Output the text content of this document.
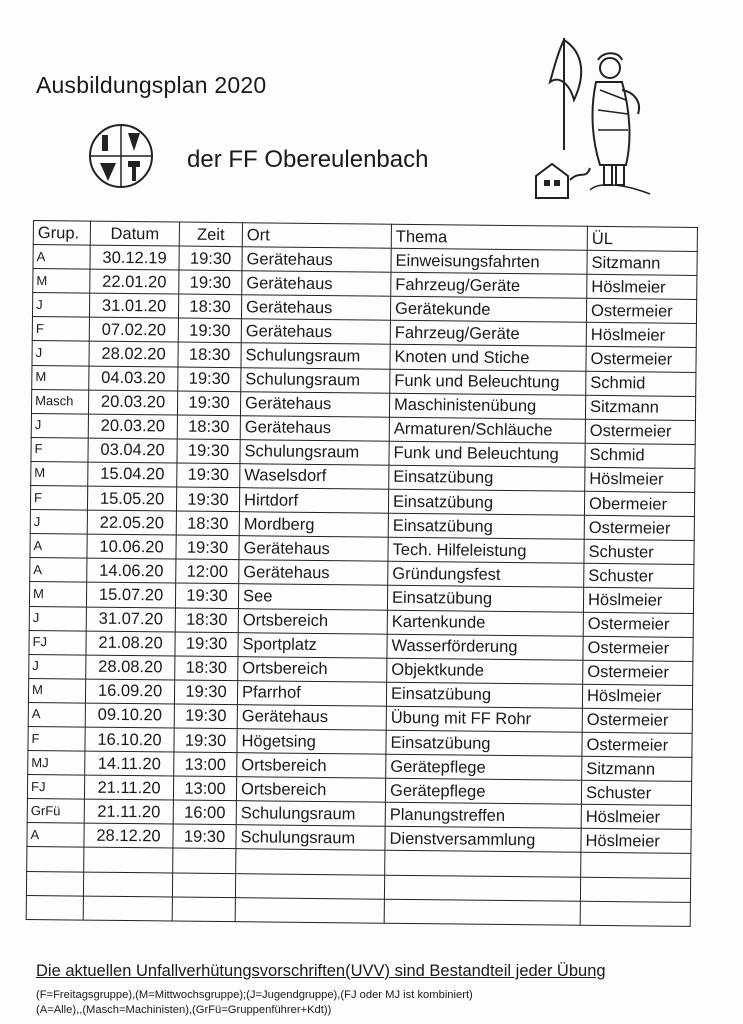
Ausbildungsplan 2020
der FF Obereulenbach
Grup.	Datum	Zeit	Ort	Thema	ÜL
A	30.12.19	19:30	Gerätehaus	Einweisungsfahrten	Sitzmann
M	22.01.20	19:30	Gerätehaus	Fahrzeug/Geräte	Höslmeier
J	31.01.20	18:30	Gerätehaus	Gerätekunde	Ostermeier
F	07.02.20	19:30	Gerätehaus	Fahrzeug/Geräte	Höslmeier
J	28.02.20	18:30	Schulungsraum	Knoten und Stiche	Ostermeier
M	04.03.20	19:30	Schulungsraum	Funk und Beleuchtung	Schmid
Masch	20.03.20	19:30	Gerätehaus	Maschinistenübung	Sitzmann
J	20.03.20	18:30	Gerätehaus	Armaturen/Schläuche	Ostermeier
F	03.04.20	19:30	Schulungsraum	Funk und Beleuchtung	Schmid
M	15.04.20	19:30	Waselsdorf	Einsatzübung	Höslmeier
F	15.05.20	19:30	Hirtdorf	Einsatzübung	Obermeier
J	22.05.20	18:30	Mordberg	Einsatzübung	Ostermeier
A	10.06.20	19:30	Gerätehaus	Tech. Hilfeleistung	Schuster
A	14.06.20	12:00	Gerätehaus	Gründungsfest	Schuster
M	15.07.20	19:30	See	Einsatzübung	Höslmeier
J	31.07.20	18:30	Ortsbereich	Kartenkunde	Ostermeier
FJ	21.08.20	19:30	Sportplatz	Wasserförderung	Ostermeier
J	28.08.20	18:30	Ortsbereich	Objektkunde	Ostermeier
M	16.09.20	19:30	Pfarrhof	Einsatzübung	Höslmeier
A	09.10.20	19:30	Gerätehaus	Übung mit FF Rohr	Ostermeier
F	16.10.20	19:30	Högetsing	Einsatzübung	Ostermeier
MJ	14.11.20	13:00	Ortsbereich	Gerätepflege	Sitzmann
FJ	21.11.20	13:00	Ortsbereich	Gerätepflege	Schuster
GrFü	21.11.20	16:00	Schulungsraum	Planungstreffen	Höslmeier
A	28.12.20	19:30	Schulungsraum	Dienstversammlung	Höslmeier

Die aktuellen Unfallverhütungsvorschriften(UVV) sind Bestandteil jeder Übung
(F=Freitagsgruppe),(M=Mittwochsgruppe);(J=Jugendgruppe),(FJ oder MJ ist kombiniert)
(A=Alle),,(Masch=Machinisten),(GrFü=Gruppenführer+Kdt))
